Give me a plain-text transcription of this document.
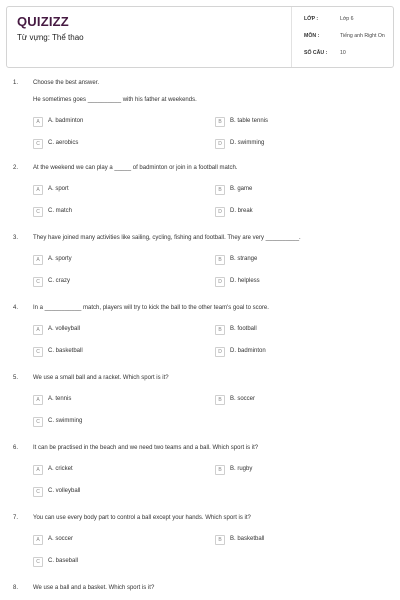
QUIZIZZ
Từ vựng: Thể thao
LỚP :	Lớp 6
MÔN :	Tiếng anh Right On
SỐ CÂU : 10
1. Choose the best answer.
He sometimes goes __________ with his father at weekends.
A	A. badminton	B	B. table tennis
C	C. aerobics	D	D. swimming
2. At the weekend we can play a _____ of badminton or join in a football match.
A	A. sport	B	B. game
C	C. match	D	D. break
3. They have joined many activities like sailing, cycling, fishing and football. They are very __________.
A	A. sporty	B	B. strange
C	C. crazy	D	D. helpless
4. In a ___________ match, players will try to kick the ball to the other team's goal to score.
A	A. volleyball	B	B. football
C	C. basketball	D	D. badminton
5. We use a small ball and a racket. Which sport is it?
A	A. tennis	B	B. soccer
C	C. swimming
6. It can be practised in the beach and we need two teams and a ball. Which sport is it?
A	A. cricket	B	B. rugby
C	C. volleyball
7. You can use every body part to control a ball except your hands. Which sport is it?
A	A. soccer	B	B. basketball
C	C. baseball
8. We use a ball and a basket. Which sport is it?
